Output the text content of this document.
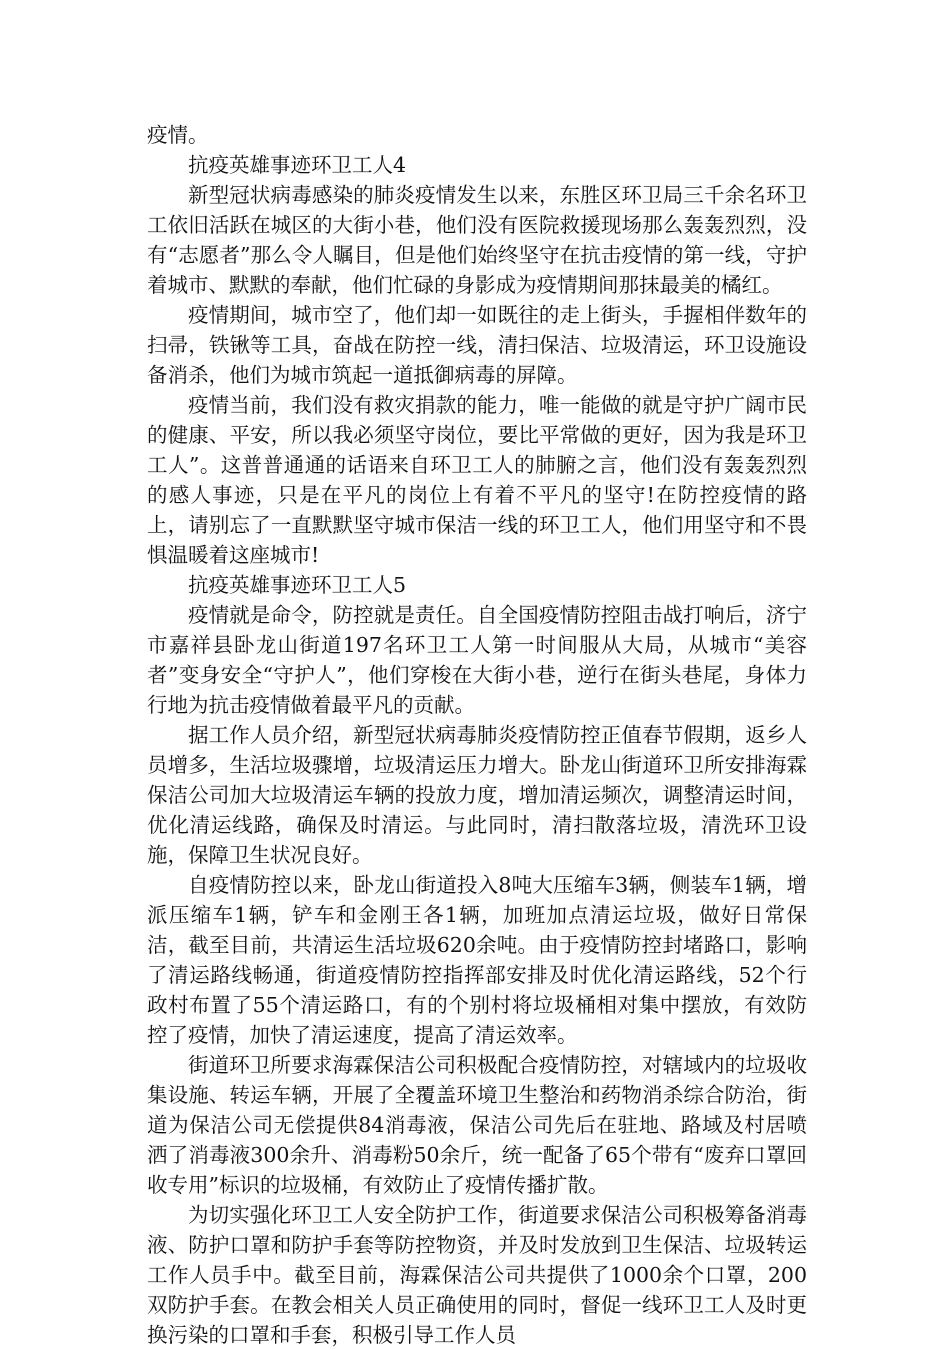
疫情。

抗疫英雄事迹环卫工人4

新型冠状病毒感染的肺炎疫情发生以来，东胜区环卫局三千余名环卫工依旧活跃在城区的大街小巷，他们没有医院救援现场那么轰轰烈烈，没有“志愿者”那么令人瞩目，但是他们始终坚守在抗击疫情的第一线，守护着城市、默默的奉献，他们忙碌的身影成为疫情期间那抹最美的橘红。

疫情期间，城市空了，他们却一如既往的走上街头，手握相伴数年的扫帚，铁锹等工具，奋战在防控一线，清扫保洁、垃圾清运，环卫设施设备消杀，他们为城市筑起一道抵御病毒的屏障。

疫情当前，我们没有救灾捐款的能力，唯一能做的就是守护广阔市民的健康、平安，所以我必须坚守岗位，要比平常做的更好，因为我是环卫工人”。这普普通通的话语来自环卫工人的肺腑之言，他们没有轰轰烈烈的感人事迹，只是在平凡的岗位上有着不平凡的坚守!在防控疫情的路上，请别忘了一直默默坚守城市保洁一线的环卫工人，他们用坚守和不畏惧温暖着这座城市!

抗疫英雄事迹环卫工人5

疫情就是命令，防控就是责任。自全国疫情防控阻击战打响后，济宁市嘉祥县卧龙山街道197名环卫工人第一时间服从大局，从城市“美容者”变身安全“守护人”，他们穿梭在大街小巷，逆行在街头巷尾，身体力行地为抗击疫情做着最平凡的贡献。

据工作人员介绍，新型冠状病毒肺炎疫情防控正值春节假期，返乡人员增多，生活垃圾骤增，垃圾清运压力增大。卧龙山街道环卫所安排海霖保洁公司加大垃圾清运车辆的投放力度，增加清运频次，调整清运时间，优化清运线路，确保及时清运。与此同时，清扫散落垃圾，清洗环卫设施，保障卫生状况良好。

自疫情防控以来，卧龙山街道投入8吨大压缩车3辆，侧装车1辆，增派压缩车1辆，铲车和金刚王各1辆，加班加点清运垃圾，做好日常保洁，截至目前，共清运生活垃圾620余吨。由于疫情防控封堵路口，影响了清运路线畅通，街道疫情防控指挥部安排及时优化清运路线，52个行政村布置了55个清运路口，有的个别村将垃圾桶相对集中摆放，有效防控了疫情，加快了清运速度，提高了清运效率。

街道环卫所要求海霖保洁公司积极配合疫情防控，对辖域内的垃圾收集设施、转运车辆，开展了全覆盖环境卫生整治和药物消杀综合防治，街道为保洁公司无偿提供84消毒液，保洁公司先后在驻地、路域及村居喷洒了消毒液300余升、消毒粉50余斤，统一配备了65个带有“废弃口罩回收专用”标识的垃圾桶，有效防止了疫情传播扩散。

为切实强化环卫工人安全防护工作，街道要求保洁公司积极筹备消毒液、防护口罩和防护手套等防控物资，并及时发放到卫生保洁、垃圾转运工作人员手中。截至目前，海霖保洁公司共提供了1000余个口罩，200双防护手套。在教会相关人员正确使用的同时，督促一线环卫工人及时更换污染的口罩和手套，积极引导工作人员
